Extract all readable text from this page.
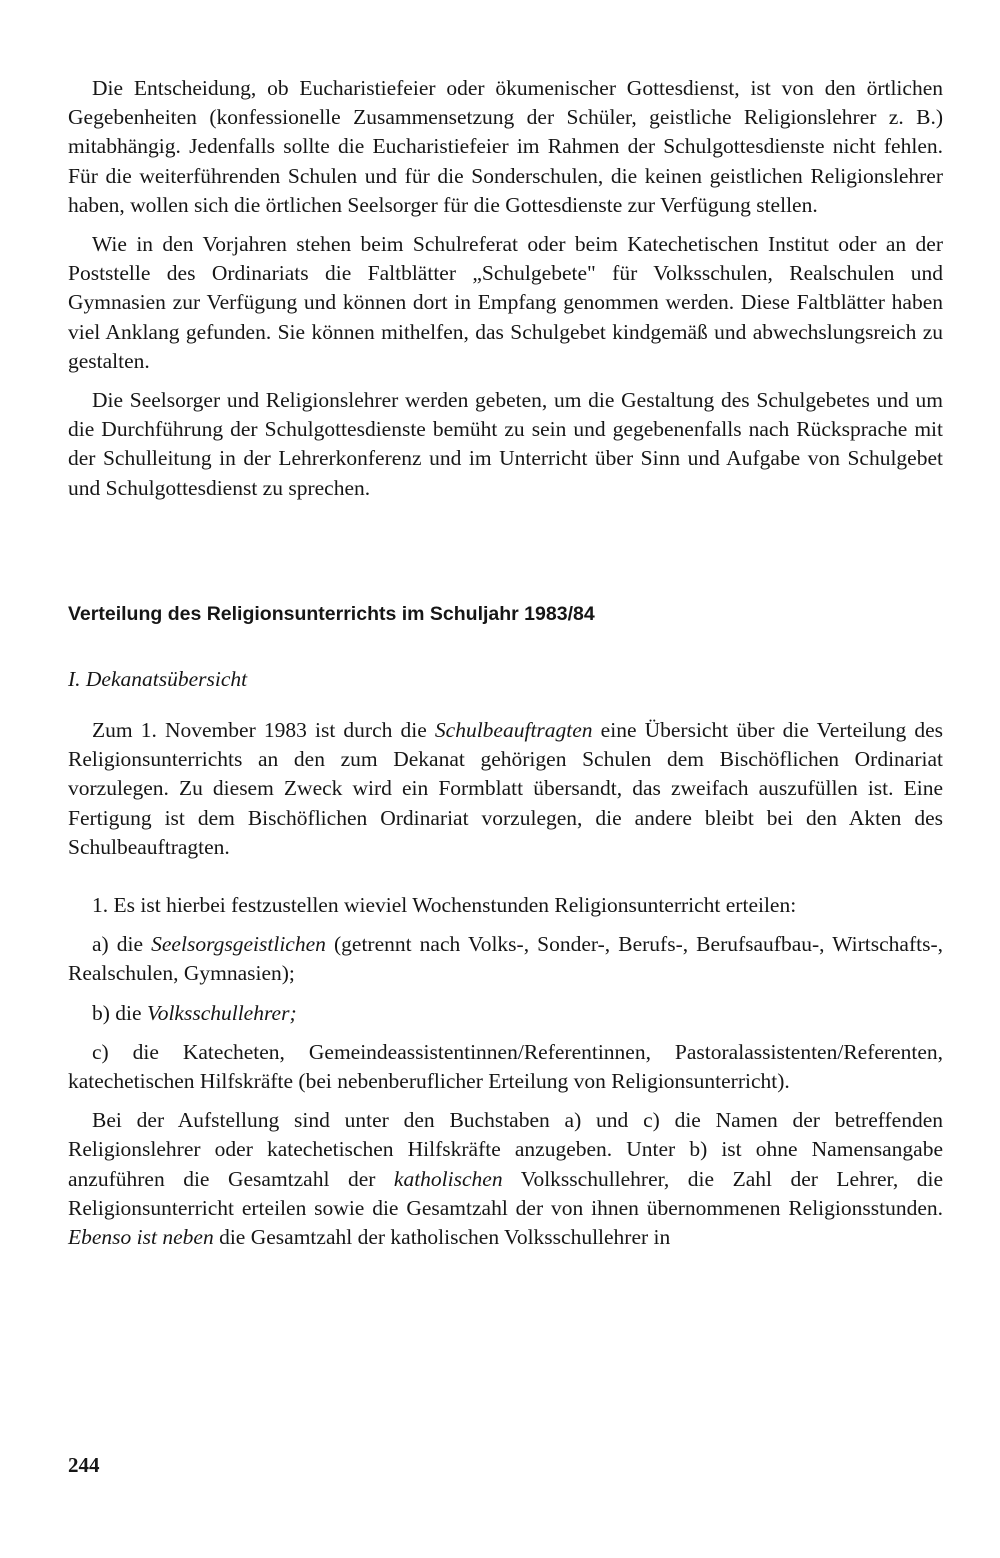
Die Entscheidung, ob Eucharistiefeier oder ökumenischer Gottesdienst, ist von den örtlichen Gegebenheiten (konfessionelle Zusammensetzung der Schüler, geistliche Religionslehrer z. B.) mitabhängig. Jedenfalls sollte die Eucharistiefeier im Rahmen der Schulgottesdienste nicht fehlen. Für die weiterführenden Schulen und für die Sonderschulen, die keinen geistlichen Religionslehrer haben, wollen sich die örtlichen Seelsorger für die Gottesdienste zur Verfügung stellen.

Wie in den Vorjahren stehen beim Schulreferat oder beim Katechetischen Institut oder an der Poststelle des Ordinariats die Faltblätter „Schulgebete" für Volksschulen, Realschulen und Gymnasien zur Verfügung und können dort in Empfang genommen werden. Diese Faltblätter haben viel Anklang gefunden. Sie können mithelfen, das Schulgebet kindgemäß und abwechslungsreich zu gestalten.

Die Seelsorger und Religionslehrer werden gebeten, um die Gestaltung des Schulgebetes und um die Durchführung der Schulgottesdienste bemüht zu sein und gegebenenfalls nach Rücksprache mit der Schulleitung in der Lehrerkonferenz und im Unterricht über Sinn und Aufgabe von Schulgebet und Schulgottesdienst zu sprechen.

Verteilung des Religionsunterrichts im Schuljahr 1983/84

I. Dekanatsübersicht

Zum 1. November 1983 ist durch die Schulbeauftragten eine Übersicht über die Verteilung des Religionsunterrichts an den zum Dekanat gehörigen Schulen dem Bischöflichen Ordinariat vorzulegen. Zu diesem Zweck wird ein Formblatt übersandt, das zweifach auszufüllen ist. Eine Fertigung ist dem Bischöflichen Ordinariat vorzulegen, die andere bleibt bei den Akten des Schulbeauftragten.

1. Es ist hierbei festzustellen wieviel Wochenstunden Religionsunterricht erteilen:

a) die Seelsorgsgeistlichen (getrennt nach Volks-, Sonder-, Berufs-, Berufsaufbau-, Wirtschafts-, Realschulen, Gymnasien);

b) die Volksschullehrer;

c) die Katecheten, Gemeindeassistentinnen/Referentinnen, Pastoralassistenten/Referenten, katechetischen Hilfskräfte (bei nebenberuflicher Erteilung von Religionsunterricht).

Bei der Aufstellung sind unter den Buchstaben a) und c) die Namen der betreffenden Religionslehrer oder katechetischen Hilfskräfte anzugeben. Unter b) ist ohne Namensangabe anzuführen die Gesamtzahl der katholischen Volksschullehrer, die Zahl der Lehrer, die Religionsunterricht erteilen sowie die Gesamtzahl der von ihnen übernommenen Religionsstunden. Ebenso ist neben die Gesamtzahl der katholischen Volksschullehrer in

244
